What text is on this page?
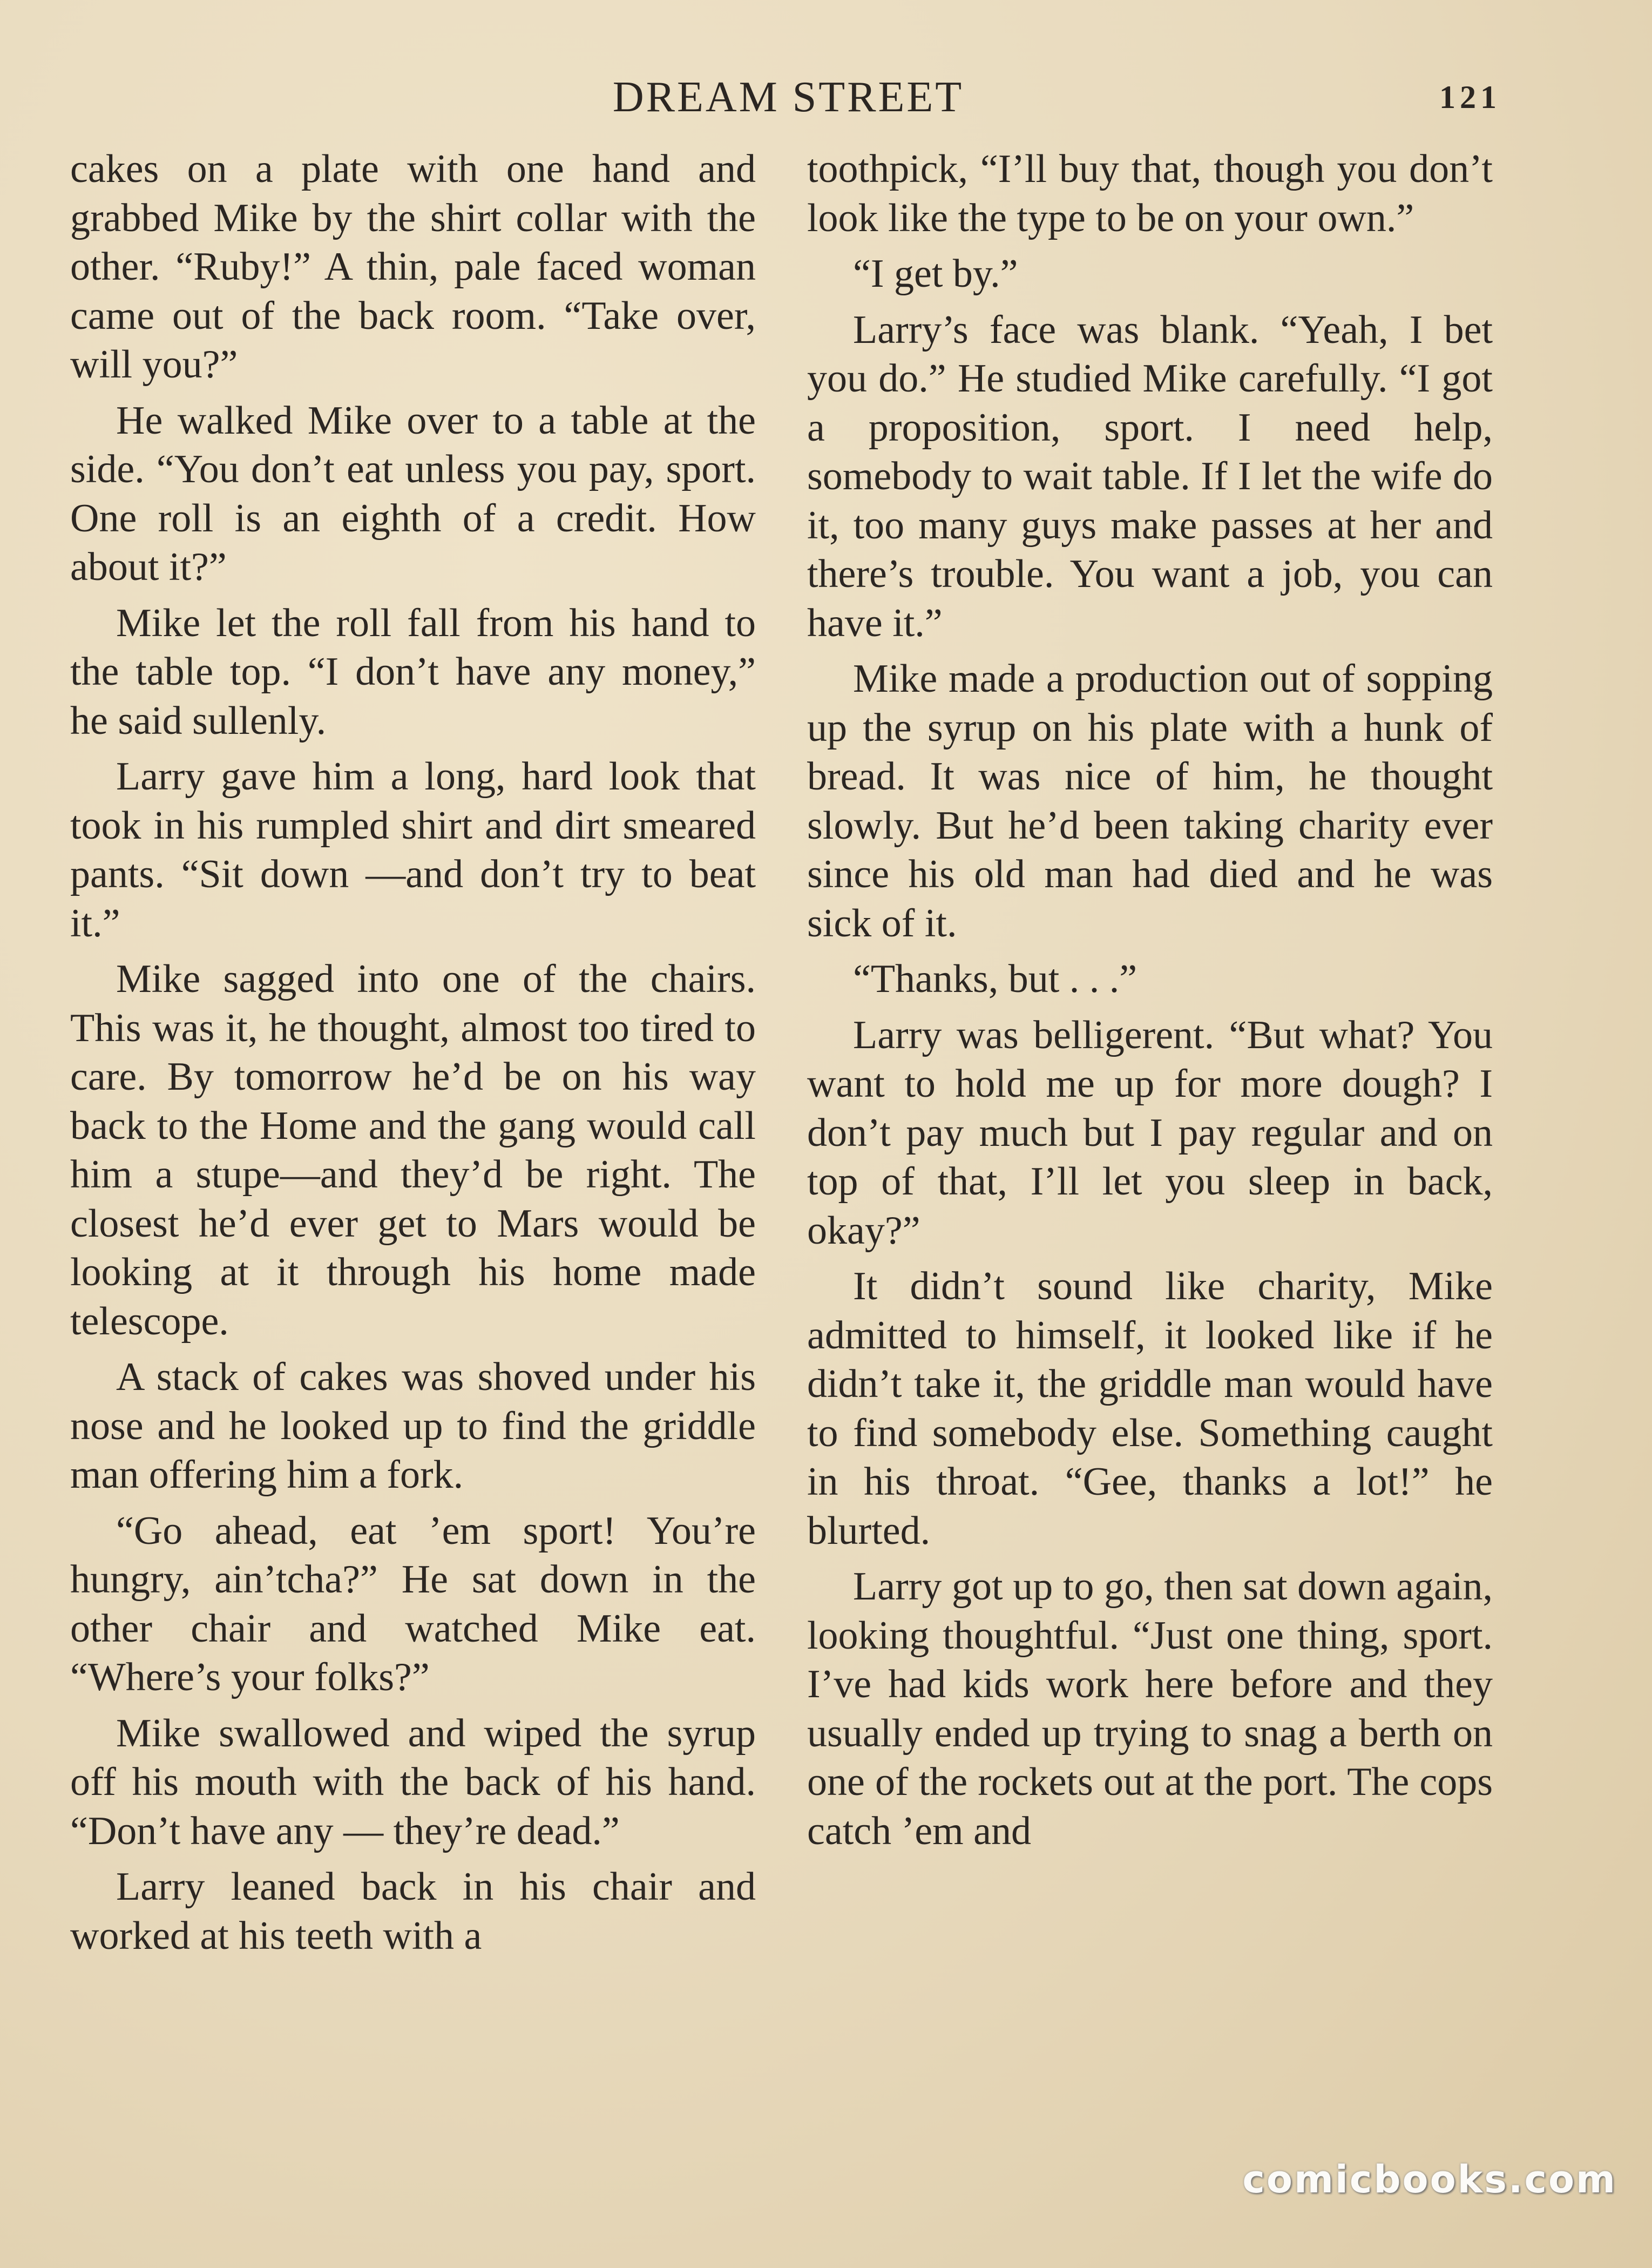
DREAM STREET	121

cakes on a plate with one hand and grabbed Mike by the shirt collar with the other. “Ruby!” A thin, pale faced woman came out of the back room. “Take over, will you?”

He walked Mike over to a table at the side. “You don’t eat unless you pay, sport. One roll is an eighth of a credit. How about it?”

Mike let the roll fall from his hand to the table top. “I don’t have any money,” he said sullenly.

Larry gave him a long, hard look that took in his rumpled shirt and dirt smeared pants. “Sit down —and don’t try to beat it.”

Mike sagged into one of the chairs. This was it, he thought, almost too tired to care. By tomorrow he’d be on his way back to the Home and the gang would call him a stupe—and they’d be right. The closest he’d ever get to Mars would be looking at it through his home made telescope.

A stack of cakes was shoved under his nose and he looked up to find the griddle man offering him a fork.

“Go ahead, eat ’em sport! You’re hungry, ain’tcha?” He sat down in the other chair and watched Mike eat. “Where’s your folks?”

Mike swallowed and wiped the syrup off his mouth with the back of his hand. “Don’t have any — they’re dead.”

Larry leaned back in his chair and worked at his teeth with a

toothpick, “I’ll buy that, though you don’t look like the type to be on your own.”

“I get by.”

Larry’s face was blank. “Yeah, I bet you do.” He studied Mike carefully. “I got a proposition, sport. I need help, somebody to wait table. If I let the wife do it, too many guys make passes at her and there’s trouble. You want a job, you can have it.”

Mike made a production out of sopping up the syrup on his plate with a hunk of bread. It was nice of him, he thought slowly. But he’d been taking charity ever since his old man had died and he was sick of it.

“Thanks, but . . .”

Larry was belligerent. “But what? You want to hold me up for more dough? I don’t pay much but I pay regular and on top of that, I’ll let you sleep in back, okay?”

It didn’t sound like charity, Mike admitted to himself, it looked like if he didn’t take it, the griddle man would have to find somebody else. Something caught in his throat. “Gee, thanks a lot!” he blurted.

Larry got up to go, then sat down again, looking thoughtful. “Just one thing, sport. I’ve had kids work here before and they usually ended up trying to snag a berth on one of the rockets out at the port. The cops catch ’em and

comicbooks.com
